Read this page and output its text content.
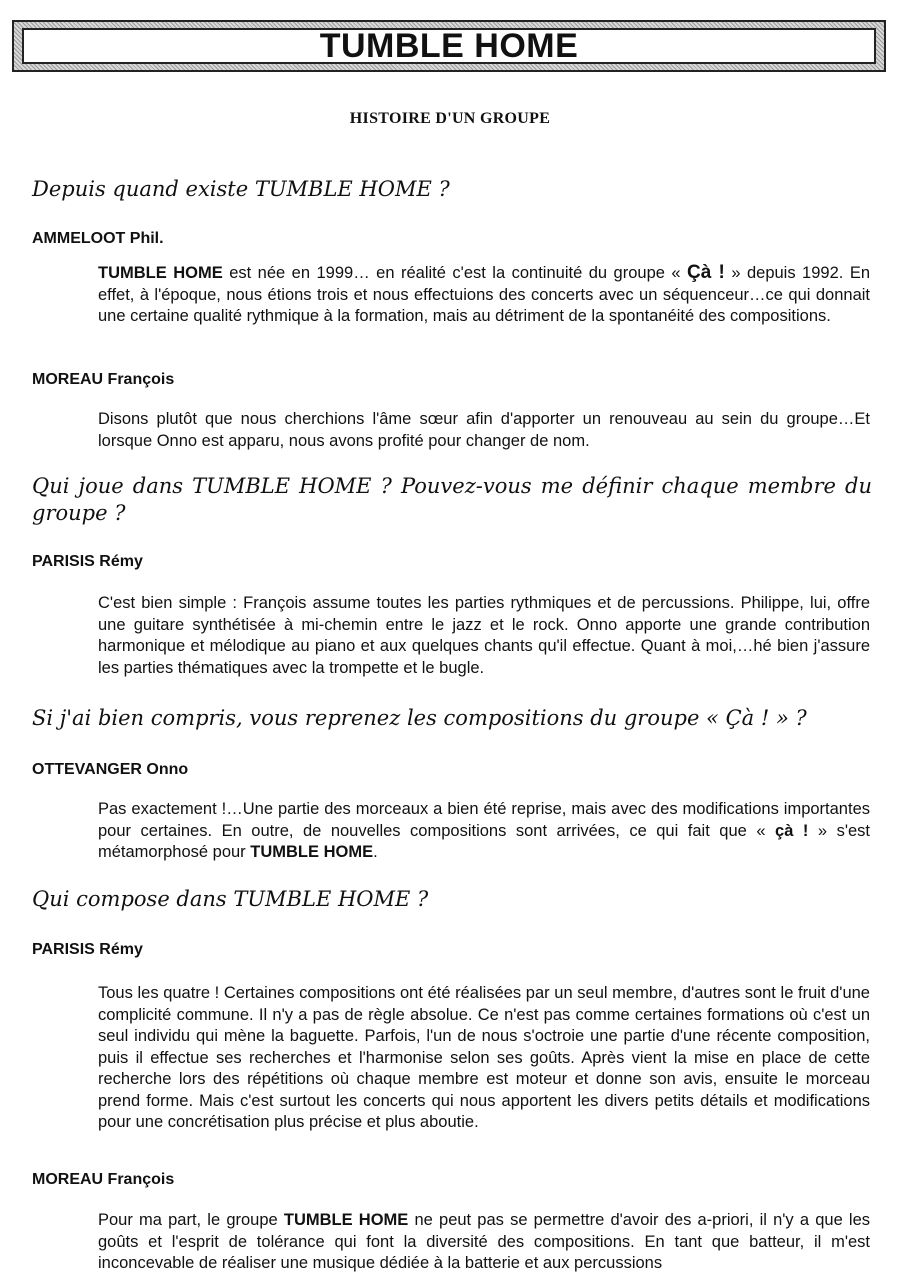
TUMBLE HOME

HISTOIRE D'UN GROUPE

Depuis quand existe TUMBLE HOME ?

AMMELOOT Phil.

TUMBLE HOME est née en 1999… en réalité c'est la continuité du groupe « Çà ! » depuis 1992. En effet, à l'époque, nous étions trois et nous effectuions des concerts avec un séquenceur…ce qui donnait une certaine qualité rythmique à la formation, mais au détriment de la spontanéité des compositions.

MOREAU François

Disons plutôt que nous cherchions l'âme sœur afin d'apporter un renouveau au sein du groupe…Et lorsque Onno est apparu, nous avons profité pour changer de nom.

Qui joue dans TUMBLE HOME ? Pouvez-vous me définir chaque membre du groupe ?

PARISIS Rémy

C'est bien simple : François assume toutes les parties rythmiques et de percussions. Philippe, lui, offre une guitare synthétisée à mi-chemin entre le jazz et le rock. Onno apporte une grande contribution harmonique et mélodique au piano et aux quelques chants qu'il effectue. Quant à moi,…hé bien j'assure les parties thématiques avec la trompette et le bugle.

Si j'ai bien compris, vous reprenez les compositions du groupe « Çà ! » ?

OTTEVANGER Onno

Pas exactement !…Une partie des morceaux a bien été reprise, mais avec des modifications importantes pour certaines. En outre, de nouvelles compositions sont arrivées, ce qui fait que « çà ! » s'est métamorphosé pour TUMBLE HOME.

Qui compose dans TUMBLE HOME ?

PARISIS Rémy

Tous les quatre ! Certaines compositions ont été réalisées par un seul membre, d'autres sont le fruit d'une complicité commune. Il n'y a pas de règle absolue. Ce n'est pas comme certaines formations où c'est un seul individu qui mène la baguette. Parfois, l'un de nous s'octroie une partie d'une récente composition, puis il effectue ses recherches et l'harmonise selon ses goûts. Après vient la mise en place de cette recherche lors des répétitions où chaque membre est moteur et donne son avis, ensuite le morceau prend forme. Mais c'est surtout les concerts qui nous apportent les divers petits détails et modifications pour une concrétisation plus précise et plus aboutie.

MOREAU François

Pour ma part, le groupe TUMBLE HOME ne peut pas se permettre d'avoir des a-priori, il n'y a que les goûts et l'esprit de tolérance qui font la diversité des compositions. En tant que batteur, il m'est inconcevable de réaliser une musique dédiée à la batterie et aux percussions
